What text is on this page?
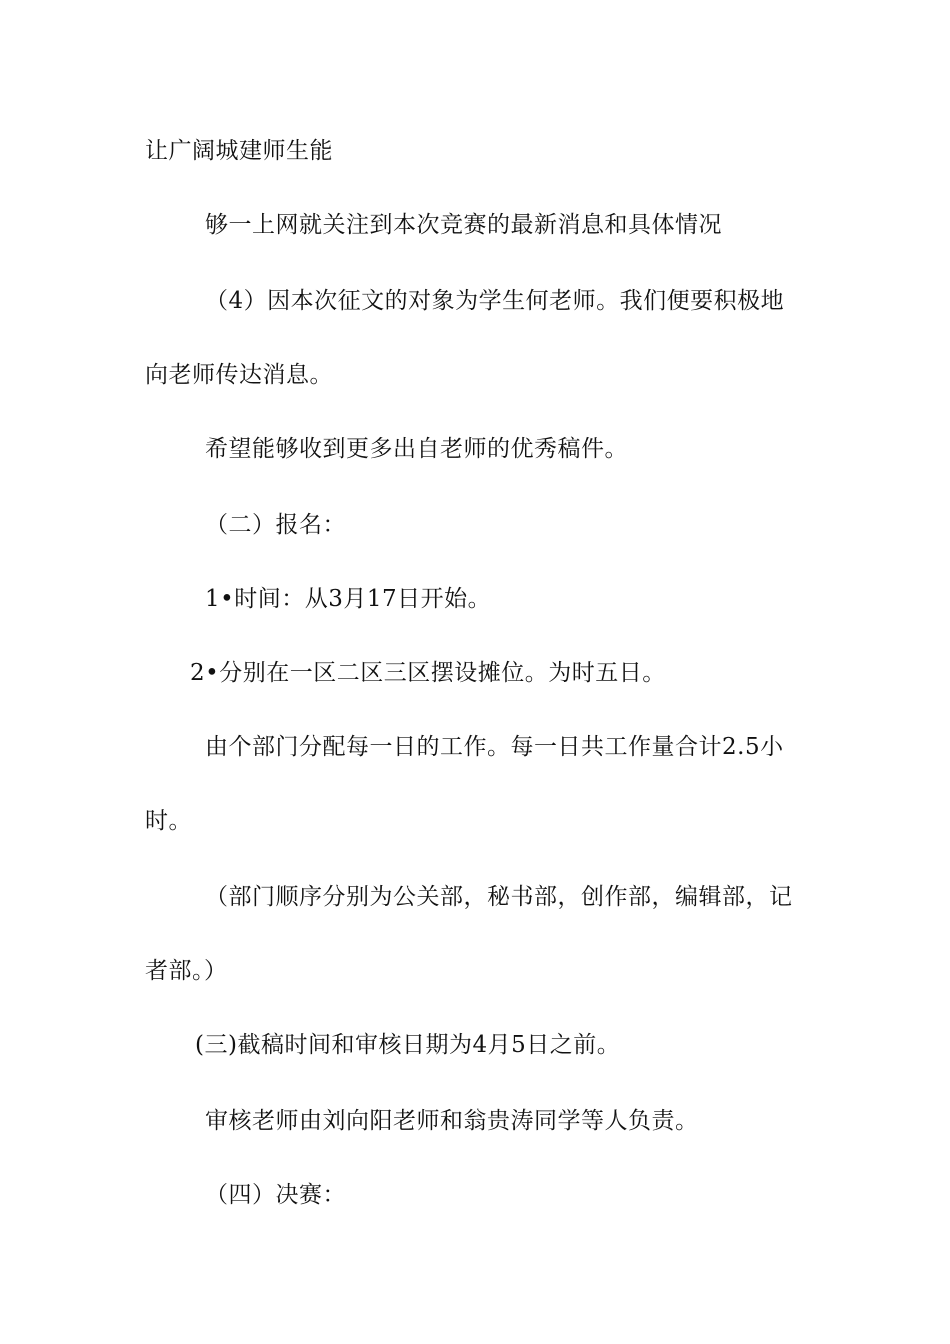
让广阔城建师生能

够一上网就关注到本次竞赛的最新消息和具体情况

（4）因本次征文的对象为学生何老师。我们便要积极地

向老师传达消息。

希望能够收到更多出自老师的优秀稿件。

（二）报名：

1•时间：从3月17日开始。

2•分别在一区二区三区摆设摊位。为时五日。

由个部门分配每一日的工作。每一日共工作量合计2.5小

时。

（部门顺序分别为公关部，秘书部，创作部，编辑部，记

者部。）

(三)截稿时间和审核日期为4月5日之前。

审核老师由刘向阳老师和翁贵涛同学等人负责。

（四）决赛：
